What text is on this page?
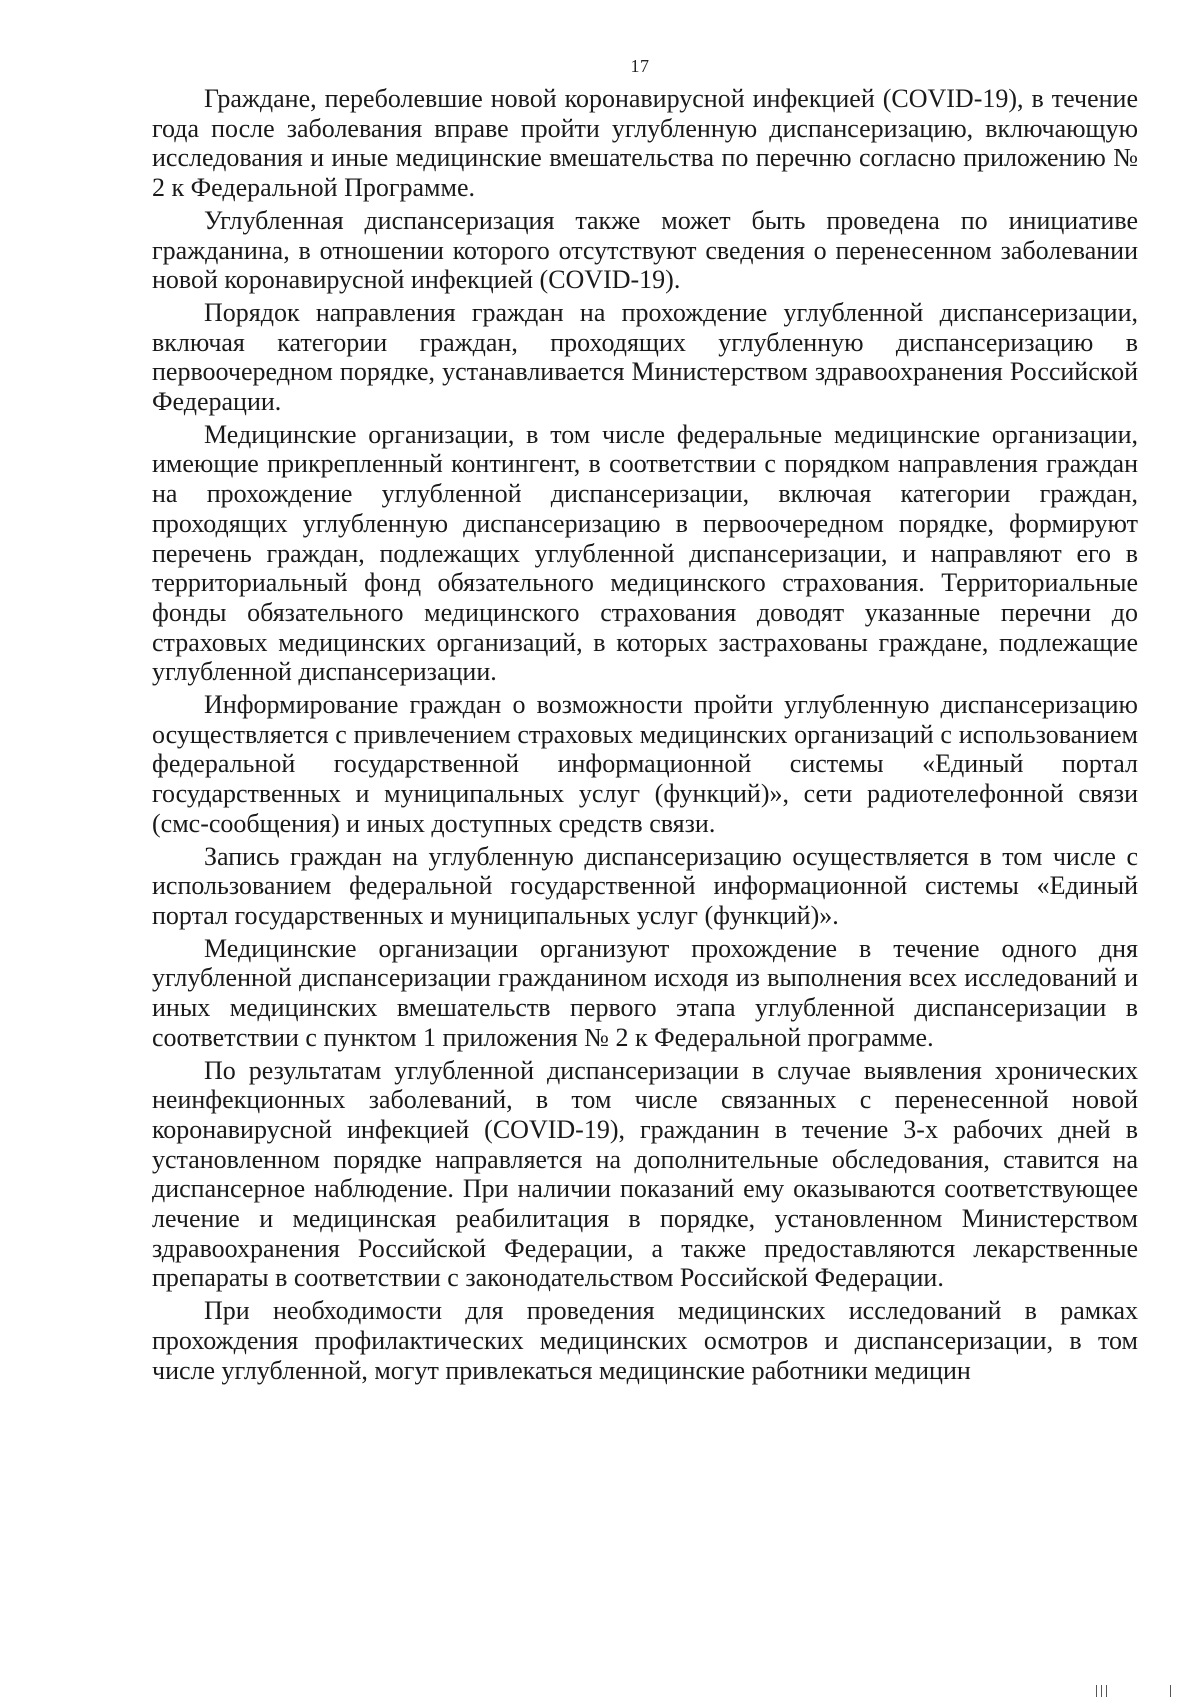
17

Граждане, переболевшие новой коронавирусной инфекцией (COVID-19), в течение года после заболевания вправе пройти углубленную диспансеризацию, включающую исследования и иные медицинские вмешательства по перечню согласно приложению № 2 к Федеральной Программе.

Углубленная диспансеризация также может быть проведена по инициативе гражданина, в отношении которого отсутствуют сведения о перенесенном заболевании новой коронавирусной инфекцией (COVID-19).

Порядок направления граждан на прохождение углубленной диспансеризации, включая категории граждан, проходящих углубленную диспансеризацию в первоочередном порядке, устанавливается Министерством здравоохранения Российской Федерации.

Медицинские организации, в том числе федеральные медицинские организации, имеющие прикрепленный контингент, в соответствии с порядком направления граждан на прохождение углубленной диспансеризации, включая категории граждан, проходящих углубленную диспансеризацию в первоочередном порядке, формируют перечень граждан, подлежащих углубленной диспансеризации, и направляют его в территориальный фонд обязательного медицинского страхования. Территориальные фонды обязательного медицинского страхования доводят указанные перечни до страховых медицинских организаций, в которых застрахованы граждане, подлежащие углубленной диспансеризации.

Информирование граждан о возможности пройти углубленную диспансеризацию осуществляется с привлечением страховых медицинских организаций с использованием федеральной государственной информационной системы «Единый портал государственных и муниципальных услуг (функций)», сети радиотелефонной связи (смс-сообщения) и иных доступных средств связи.

Запись граждан на углубленную диспансеризацию осуществляется в том числе с использованием федеральной государственной информационной системы «Единый портал государственных и муниципальных услуг (функций)».

Медицинские организации организуют прохождение в течение одного дня углубленной диспансеризации гражданином исходя из выполнения всех исследований и иных медицинских вмешательств первого этапа углубленной диспансеризации в соответствии с пунктом 1 приложения № 2 к Федеральной программе.

По результатам углубленной диспансеризации в случае выявления хронических неинфекционных заболеваний, в том числе связанных с перенесенной новой коронавирусной инфекцией (COVID-19), гражданин в течение 3-х рабочих дней в установленном порядке направляется на дополнительные обследования, ставится на диспансерное наблюдение. При наличии показаний ему оказываются соответствующее лечение и медицинская реабилитация в порядке, установленном Министерством здравоохранения Российской Федерации, а также предоставляются лекарственные препараты в соответствии с законодательством Российской Федерации.

При необходимости для проведения медицинских исследований в рамках прохождения профилактических медицинских осмотров и диспансеризации, в том числе углубленной, могут привлекаться медицинские работники медицин
